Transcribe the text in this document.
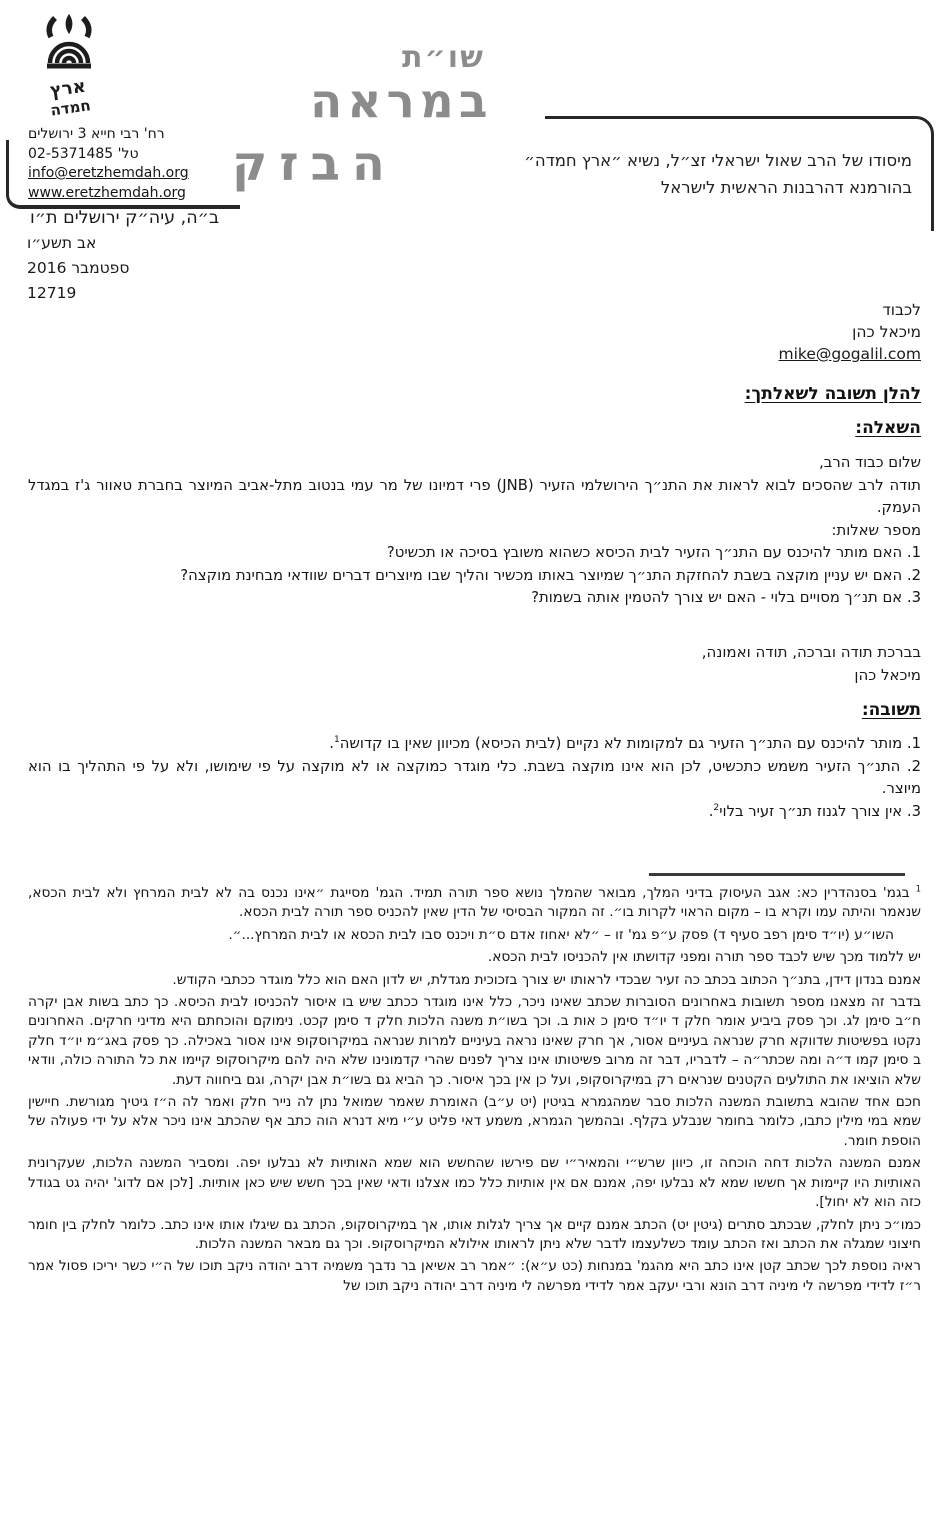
ארץ
חמדה
שו״ת
במראה
הבזק	מיסודו של הרב שאול ישראלי זצ״ל, נשיא ״ארץ חמדה״
בהורמנא דהרבנות הראשית לישראל
רח' רבי חייא 3 ירושלים
טל' 02-5371485
info@eretzhemdah.org
www.eretzhemdah.org
ב״ה, עיה״ק ירושלים ת״ו
אב תשע״ו
ספטמבר 2016
12719
לכבוד
מיכאל כהן
mike@gogalil.com
להלן תשובה לשאלתך:
השאלה:

שלום כבוד הרב,

תודה לרב שהסכים לבוא לראות את התנ״ך הירושלמי הזעיר (JNB) פרי דמיונו של מר עמי בנטוב מתל-אביב המיוצר בחברת טאוור ג'ז במגדל העמק.

מספר שאלות:

1. האם מותר להיכנס עם התנ״ך הזעיר לבית הכיסא כשהוא משובץ בסיכה או תכשיט?

2. האם יש עניין מוקצה בשבת להחזקת התנ״ך שמיוצר באותו מכשיר והליך שבו מיוצרים דברים שוודאי מבחינת מוקצה?

3. אם תנ״ך מסויים בלוי - האם יש צורך להטמין אותה בשמות?

בברכת תודה וברכה, תודה ואמונה,
מיכאל כהן
תשובה:

1. מותר להיכנס עם התנ״ך הזעיר גם למקומות לא נקיים (לבית הכיסא) מכיוון שאין בו קדושה$^1$.

2. התנ״ך הזעיר משמש כתכשיט, לכן הוא אינו מוקצה בשבת. כלי מוגדר כמוקצה או לא מוקצה על פי שימושו, ולא על פי התהליך בו הוא מיוצר.

3. אין צורך לגנוז תנ״ך זעיר בלוי$^2$.

$^1$ בגמ' בסנהדרין כא: אגב העיסוק בדיני המלך, מבואר שהמלך נושא ספר תורה תמיד. הגמ' מסייגת ״אינו נכנס בה לא לבית המרחץ ולא לבית הכסא, שנאמר והיתה עמו וקרא בו – מקום הראוי לקרות בו״. זה המקור הבסיסי של הדין שאין להכניס ספר תורה לבית הכסא.

השו״ע (יו״ד סימן רפב סעיף ד) פסק ע״פ גמ' זו – ״לא יאחוז אדם ס״ת ויכנס סבו לבית הכסא או לבית המרחץ...״.

יש ללמוד מכך שיש לכבד ספר תורה ומפני קדושתו אין להכניסו לבית הכסא.

אמנם בנדון דידן, בתנ״ך הכתוב בכתב כה זעיר שבכדי לראותו יש צורך בזכוכית מגדלת, יש לדון האם הוא כלל מוגדר ככתבי הקודש.

בדבר זה מצאנו מספר תשובות באחרונים הסוברות שכתב שאינו ניכר, כלל אינו מוגדר ככתב שיש בו איסור להכניסו לבית הכיסא. כך כתב בשות אבן יקרה ח״ב סימן לג. וכך פסק ביביע אומר חלק ד יו״ד סימן כ אות ב. וכך בשו״ת משנה הלכות חלק ד סימן קכט. נימוקם והוכחתם היא מדיני חרקים. האחרונים נקטו בפשיטות שדווקא חרק שנראה בעיניים אסור, אך חרק שאינו נראה בעיניים למרות שנראה במיקרוסקופ אינו אסור באכילה. כך פסק באג״מ יו״ד חלק ב סימן קמו ד״ה ומה שכתר״ה – לדבריו, דבר זה מרוב פשיטותו אינו צריך לפנים שהרי קדמונינו שלא היה להם מיקרוסקופ קיימו את כל התורה כולה, וודאי שלא הוציאו את התולעים הקטנים שנראים רק במיקרוסקופ, ועל כן אין בכך איסור. כך הביא גם בשו״ת אבן יקרה, וגם ביחווה דעת.

חכם אחד שהובא בתשובת המשנה הלכות סבר שמהגמרא בגיטין (יט ע״ב) האומרת שאמר שמואל נתן לה נייר חלק ואמר לה ה״ז גיטיך מגורשת. חיישין שמא במי מילין כתבו, כלומר בחומר שנבלע בקלף. ובהמשך הגמרא, משמע דאי פליט ע״י מיא דנרא הוה כתב אף שהכתב אינו ניכר אלא על ידי פעולה של הוספת חומר.

אמנם המשנה הלכות דחה הוכחה זו, כיוון שרש״י והמאיר״י שם פירשו שהחשש הוא שמא האותיות לא נבלעו יפה. ומסביר המשנה הלכות, שעקרונית האותיות היו קיימות אך חששו שמא לא נבלעו יפה, אמנם אם אין אותיות כלל כמו אצלנו ודאי שאין בכך חשש שיש כאן אותיות. [לכן אם לדוג' יהיה גט בגודל כזה הוא לא יחול].

כמו״כ ניתן לחלק, שבכתב סתרים (גיטין יט) הכתב אמנם קיים אך צריך לגלות אותו, אך במיקרוסקופ, הכתב גם שיגלו אותו אינו כתב. כלומר לחלק בין חומר חיצוני שמגלה את הכתב ואז הכתב עומד כשלעצמו לדבר שלא ניתן לראותו אילולא המיקרוסקופ. וכך גם מבאר המשנה הלכות.

ראיה נוספת לכך שכתב קטן אינו כתב היא מהגמ' במנחות (כט ע״א): ״אמר רב אשיאן בר נדבך משמיה דרב יהודה ניקב תוכו של ה״י כשר יריכו פסול אמר ר״ז לדידי מפרשה לי מיניה דרב הונא ורבי יעקב אמר לדידי מפרשה לי מיניה דרב יהודה ניקב תוכו של
